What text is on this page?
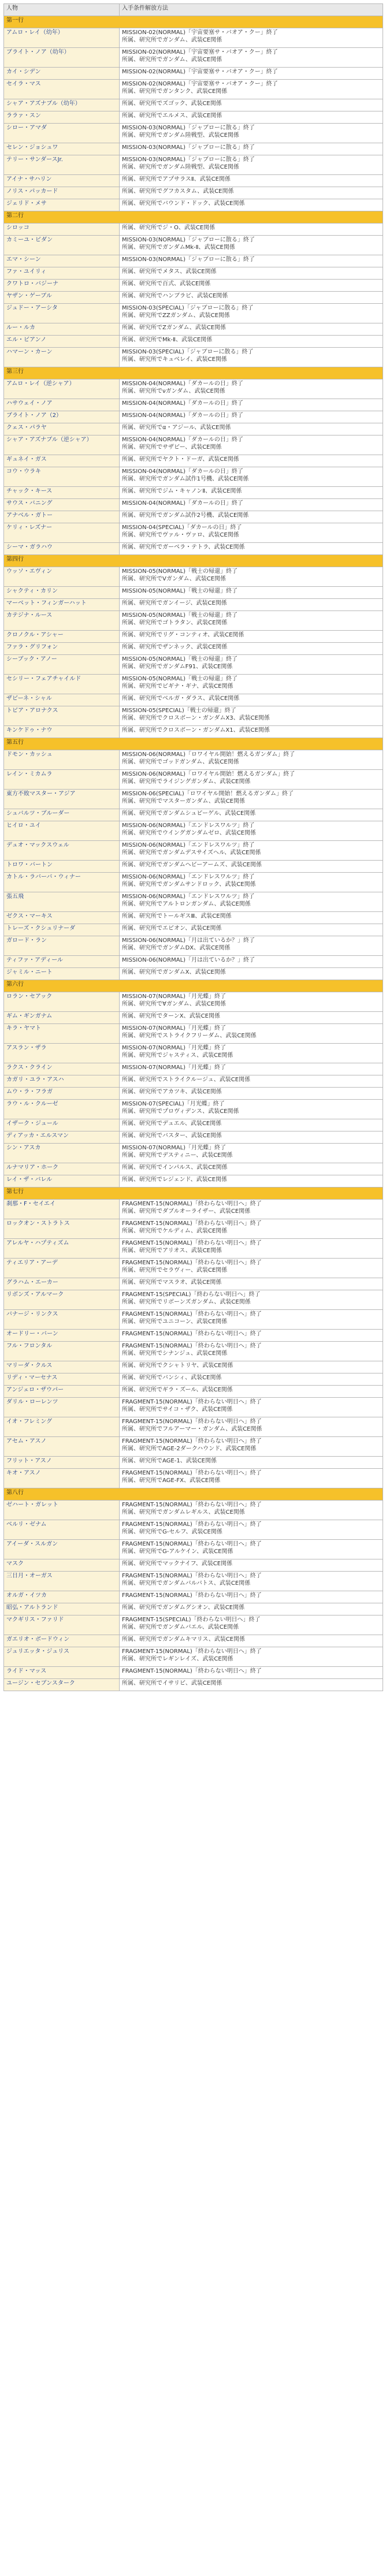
人物	入手条件解放方法
第一行	
アムロ・レイ（幼年）	MISSION-02(NORMAL)「宇宙要塞サ・バオア・クー」終了
所属、研究所でガンダム、武装CE関係

ブライト・ノア（幼年）	MISSION-02(NORMAL)「宇宙要塞サ・バオア・クー」終了
所属、研究所でガンダム、武装CE関係

カイ・シデン	MISSION-02(NORMAL)「宇宙要塞サ・バオア・クー」終了

セイラ・マス	MISSION-02(NORMAL)「宇宙要塞サ・バオア・クー」終了
所属、研究所でガンタンク、武装CE関係

シャア・アズナブル（幼年）	所属、研究所でズゴック、武装CE関係

ララァ・スン	所属、研究所でエルメス、武装CE関係

シロー・アマダ	MISSION-03(NORMAL)「ジャブローに散る」終了
所属、研究所でガンダム陸戦型、武装CE関係

セレン・ジョシュワ	MISSION-03(NORMAL)「ジャブローに散る」終了

テリー・サンダースJr.	MISSION-03(NORMAL)「ジャブローに散る」終了
所属、研究所でガンダム陸戦型、武装CE関係

アイナ・サハリン	所属、研究所でアプサラスⅡ、武装CE関係

ノリス・パッカード	所属、研究所でグフカスタム、武装CE関係

ジェリド・メサ	所属、研究所でバウンド・ドック、武装CE関係

第二行	
シロッコ	所属、研究所でジ・O、武装CE関係

カミーユ・ビダン	MISSION-03(NORMAL)「ジャブローに散る」終了
所属、研究所でガンダムMk-Ⅱ、武装CE関係

エマ・シーン	MISSION-03(NORMAL)「ジャブローに散る」終了

ファ・ユイリィ	所属、研究所でメタス、武装CE関係

クワトロ・バジーナ	所属、研究所で百式、武装CE関係

ヤザン・ゲーブル	所属、研究所でハンブラビ、武装CE関係

ジュドー・アーシタ	MISSION-03(SPECIAL)「ジャブローに散る」終了
所属、研究所でZZガンダム、武装CE関係

ルー・ルカ	所属、研究所でZガンダム、武装CE関係

エル・ビアンノ	所属、研究所でMk-Ⅱ、武装CE関係

ハマーン・カーン	MISSION-03(SPECIAL)「ジャブローに散る」終了
所属、研究所でキュベレイ、武装CE関係

第三行	
アムロ・レイ（逆シャア）	MISSION-04(NORMAL)「ダカールの日」終了
所属、研究所でνガンダム、武装CE関係

ハサウェイ・ノア	MISSION-04(NORMAL)「ダカールの日」終了

ブライト・ノア（2）	MISSION-04(NORMAL)「ダカールの日」終了

クェス・パラヤ	所属、研究所でα・アジール、武装CE関係

シャア・アズナブル（逆シャア）	MISSION-04(NORMAL)「ダカールの日」終了
所属、研究所でサザビー、武装CE関係

ギュネイ・ガス	所属、研究所でヤクト・ドーガ、武装CE関係

コウ・ウラキ	MISSION-04(NORMAL)「ダカールの日」終了
所属、研究所でガンダム試作1号機、武装CE関係

チャック・キース	所属、研究所でジム・キャノンⅡ、武装CE関係

サウス・バニング	MISSION-04(NORMAL)「ダカールの日」終了

アナベル・ガトー	所属、研究所でガンダム試作2号機、武装CE関係

ケリィ・レズナー	MISSION-04(SPECIAL)「ダカールの日」終了
所属、研究所でヴァル・ヴァロ、武装CE関係

シーマ・ガラハウ	所属、研究所でガーベラ・テトラ、武装CE関係

第四行	
ウッソ・エヴィン	MISSION-05(NORMAL)「戦士の帰還」終了
所属、研究所でVガンダム、武装CE関係

シャクティ・カリン	MISSION-05(NORMAL)「戦士の帰還」終了

マーベット・フィンガーハット	所属、研究所でガンイージ、武装CE関係

カテジナ・ルース	MISSION-05(NORMAL)「戦士の帰還」終了
所属、研究所でゴトラタン、武装CE関係

クロノクル・アシャー	所属、研究所でリグ・コンティオ、武装CE関係

ファラ・グリフォン	所属、研究所でザンネック、武装CE関係

シーブック・アノー	MISSION-05(NORMAL)「戦士の帰還」終了
所属、研究所でガンダムF91、武装CE関係

セシリー・フェアチャイルド	MISSION-05(NORMAL)「戦士の帰還」終了
所属、研究所でビギナ・ギナ、武装CE関係

ザビーネ・シャル	所属、研究所でベルガ・ダラス、武装CE関係

トビア・アロナクス	MISSION-05(SPECIAL)「戦士の帰還」終了
所属、研究所でクロスボーン・ガンダムX3、武装CE関係

キンケドゥ・ナウ	所属、研究所でクロスボーン・ガンダムX1、武装CE関係

第五行	
ドモン・カッシュ	MISSION-06(NORMAL)「ロワイヤル開始！燃えるガンダム」終了
所属、研究所でゴッドガンダム、武装CE関係

レイン・ミカムラ	MISSION-06(NORMAL)「ロワイヤル開始！燃えるガンダム」終了
所属、研究所でライジングガンダム、武装CE関係

東方不敗マスター・アジア	MISSION-06(SPECIAL)「ロワイヤル開始！燃えるガンダム」終了
所属、研究所でマスターガンダム、武装CE関係

シュバルツ・ブルーダー	所属、研究所でガンダムシュピーゲル、武装CE関係

ヒイロ・ユイ	MISSION-06(NORMAL)「エンドレスワルツ」終了
所属、研究所でウイングガンダムゼロ、武装CE関係

デュオ・マックスウェル	MISSION-06(NORMAL)「エンドレスワルツ」終了
所属、研究所でガンダムデスサイズヘル、武装CE関係

トロワ・バートン	所属、研究所でガンダムヘビーアームズ、武装CE関係

カトル・ラバーバ・ウィナー	MISSION-06(NORMAL)「エンドレスワルツ」終了
所属、研究所でガンダムサンドロック、武装CE関係

張五飛	MISSION-06(NORMAL)「エンドレスワルツ」終了
所属、研究所でアルトロンガンダム、武装CE関係

ゼクス・マーキス	所属、研究所でトールギスⅢ、武装CE関係

トレーズ・クシュリナーダ	所属、研究所でエピオン、武装CE関係

ガロード・ラン	MISSION-06(NORMAL)「月は出ているか？」終了
所属、研究所でガンダムDX、武装CE関係

ティファ・アディール	MISSION-06(NORMAL)「月は出ているか？」終了

ジャミル・ニート	所属、研究所でガンダムX、武装CE関係

第六行	
ロラン・セアック	MISSION-07(NORMAL)「月光蝶」終了
所属、研究所で∀ガンダム、武装CE関係

ギム・ギンガナム	所属、研究所でターンX、武装CE関係

キラ・ヤマト	MISSION-07(NORMAL)「月光蝶」終了
所属、研究所でストライクフリーダム、武装CE関係

アスラン・ザラ	MISSION-07(NORMAL)「月光蝶」終了
所属、研究所でジャスティス、武装CE関係

ラクス・クライン	MISSION-07(NORMAL)「月光蝶」終了

カガリ・ユラ・アスハ	所属、研究所でストライクルージュ、武装CE関係

ムウ・ラ・フラガ	所属、研究所でアカツキ、武装CE関係

ラウ・ル・クルーゼ	MISSION-07(SPECIAL)「月光蝶」終了
所属、研究所でプロヴィデンス、武装CE関係

イザーク・ジュール	所属、研究所でデュエル、武装CE関係

ディアッカ・エルスマン	所属、研究所でバスター、武装CE関係

シン・アスカ	MISSION-07(NORMAL)「月光蝶」終了
所属、研究所でデスティニー、武装CE関係

ルナマリア・ホーク	所属、研究所でインパルス、武装CE関係

レイ・ザ・バレル	所属、研究所でレジェンド、武装CE関係

第七行	
刹那・F・セイエイ	FRAGMENT-15(NORMAL)「終わらない明日へ」終了
所属、研究所でダブルオーライザー、武装CE関係

ロックオン・ストラトス	FRAGMENT-15(NORMAL)「終わらない明日へ」終了
所属、研究所でケルディム、武装CE関係

アレルヤ・ハプティズム	FRAGMENT-15(NORMAL)「終わらない明日へ」終了
所属、研究所でアリオス、武装CE関係

ティエリア・アーデ	FRAGMENT-15(NORMAL)「終わらない明日へ」終了
所属、研究所でセラヴィー、武装CE関係

グラハム・エーカー	所属、研究所でマスラオ、武装CE関係

リボンズ・アルマーク	FRAGMENT-15(SPECIAL)「終わらない明日へ」終了
所属、研究所でリボーンズガンダム、武装CE関係

バナージ・リンクス	FRAGMENT-15(NORMAL)「終わらない明日へ」終了
所属、研究所でユニコーン、武装CE関係

オードリー・バーン	FRAGMENT-15(NORMAL)「終わらない明日へ」終了

フル・フロンタル	FRAGMENT-15(NORMAL)「終わらない明日へ」終了
所属、研究所でシナンジュ、武装CE関係

マリーダ・クルス	所属、研究所でクシャトリヤ、武装CE関係

リディ・マーセナス	所属、研究所でバンシィ、武装CE関係

アンジェロ・ザウパー	所属、研究所でギラ・ズール、武装CE関係

ダリル・ローレンツ	FRAGMENT-15(NORMAL)「終わらない明日へ」終了
所属、研究所でサイコ・ザク、武装CE関係

イオ・フレミング	FRAGMENT-15(NORMAL)「終わらない明日へ」終了
所属、研究所でフルアーマー・ガンダム、武装CE関係

アセム・アスノ	FRAGMENT-15(NORMAL)「終わらない明日へ」終了
所属、研究所でAGE-2ダークハウンド、武装CE関係

フリット・アスノ	所属、研究所でAGE-1、武装CE関係

キオ・アスノ	FRAGMENT-15(NORMAL)「終わらない明日へ」終了
所属、研究所でAGE-FX、武装CE関係

第八行	
ゼハート・ガレット	FRAGMENT-15(NORMAL)「終わらない明日へ」終了
所属、研究所でガンダムレギルス、武装CE関係

ベルリ・ゼナム	FRAGMENT-15(NORMAL)「終わらない明日へ」終了
所属、研究所でG-セルフ、武装CE関係

アイーダ・スルガン	FRAGMENT-15(NORMAL)「終わらない明日へ」終了
所属、研究所でG-アルケイン、武装CE関係

マスク	所属、研究所でマックナイフ、武装CE関係

三日月・オーガス	FRAGMENT-15(NORMAL)「終わらない明日へ」終了
所属、研究所でガンダムバルバトス、武装CE関係

オルガ・イツカ	FRAGMENT-15(NORMAL)「終わらない明日へ」終了

昭弘・アルトランド	所属、研究所でガンダムグシオン、武装CE関係

マクギリス・ファリド	FRAGMENT-15(SPECIAL)「終わらない明日へ」終了
所属、研究所でガンダムバエル、武装CE関係

ガエリオ・ボードウィン	所属、研究所でガンダムキマリス、武装CE関係

ジュリエッタ・ジュリス	FRAGMENT-15(NORMAL)「終わらない明日へ」終了
所属、研究所でレギンレイズ、武装CE関係

ライド・マッス	FRAGMENT-15(NORMAL)「終わらない明日へ」終了

ユージン・セブンスターク	所属、研究所でイサリビ、武装CE関係
